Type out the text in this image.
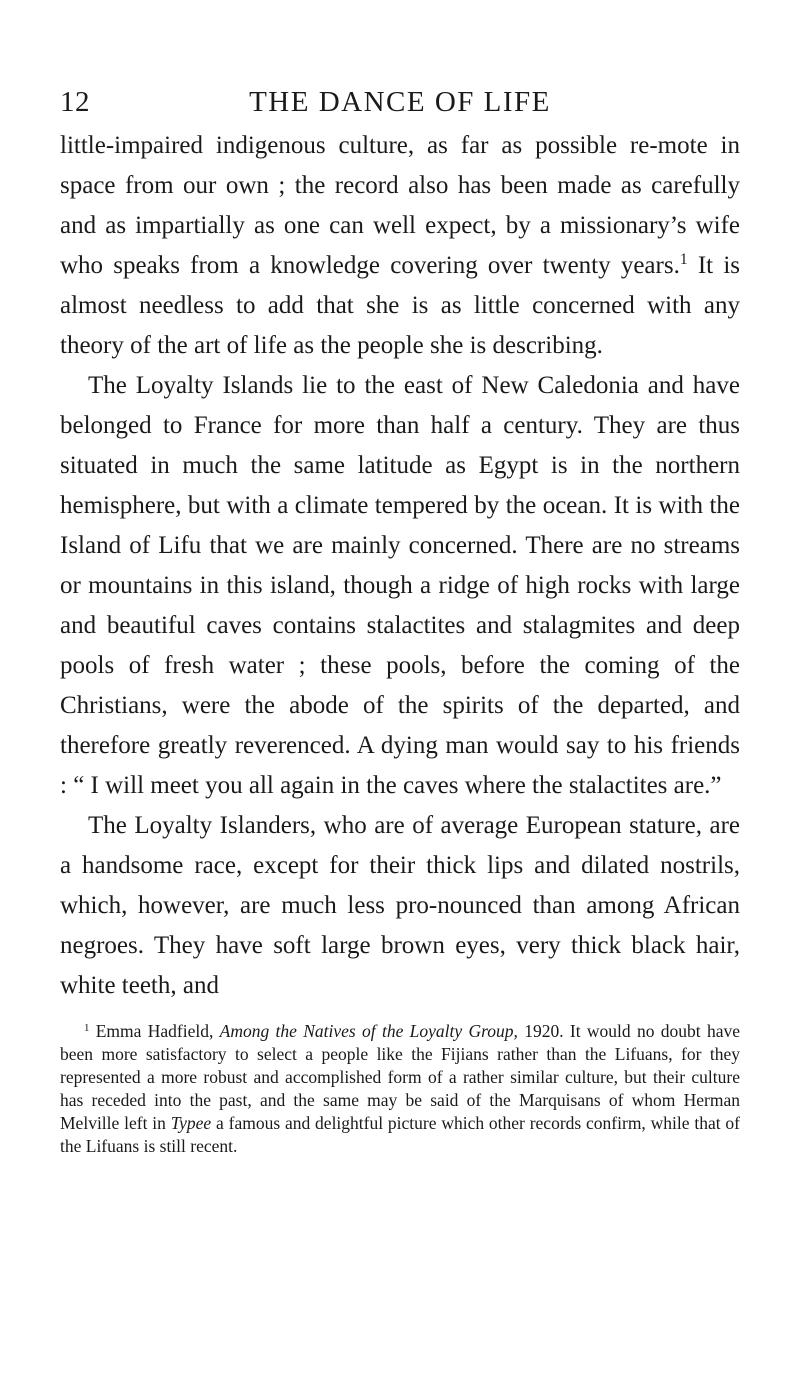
12	THE DANCE OF LIFE

little-impaired indigenous culture, as far as possible re-mote in space from our own ; the record also has been made as carefully and as impartially as one can well expect, by a missionary’s wife who speaks from a knowledge covering over twenty years.$^1$ It is almost needless to add that she is as little concerned with any theory of the art of life as the people she is describing.

The Loyalty Islands lie to the east of New Caledonia and have belonged to France for more than half a century. They are thus situated in much the same latitude as Egypt is in the northern hemisphere, but with a climate tempered by the ocean. It is with the Island of Lifu that we are mainly concerned. There are no streams or mountains in this island, though a ridge of high rocks with large and beautiful caves contains stalactites and stalagmites and deep pools of fresh water ; these pools, before the coming of the Christians, were the abode of the spirits of the departed, and therefore greatly reverenced. A dying man would say to his friends : “ I will meet you all again in the caves where the stalactites are.”

The Loyalty Islanders, who are of average European stature, are a handsome race, except for their thick lips and dilated nostrils, which, however, are much less pro-nounced than among African negroes. They have soft large brown eyes, very thick black hair, white teeth, and

$^1$ Emma Hadfield, Among the Natives of the Loyalty Group, 1920. It would no doubt have been more satisfactory to select a people like the Fijians rather than the Lifuans, for they represented a more robust and accomplished form of a rather similar culture, but their culture has receded into the past, and the same may be said of the Marquisans of whom Herman Melville left in Typee a famous and delightful picture which other records confirm, while that of the Lifuans is still recent.
